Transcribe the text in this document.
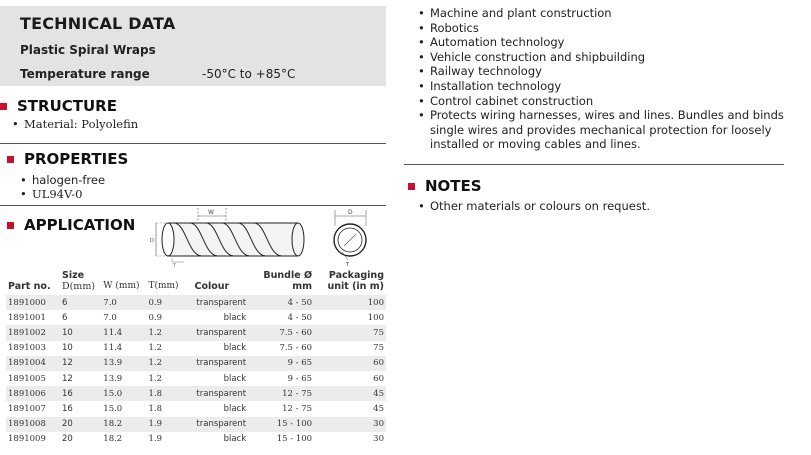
TECHNICAL DATA
Plastic Spiral Wraps
Temperature range	-50°C to +85°C
STRUCTURE
• Material: Polyolefin
PROPERTIES
• halogen-free
• UL94V-0
APPLICATION
W
D
T
D
T
Part no.	Size
D(mm)	W (mm)	T(mm)	Colour	Bundle Ø mm	Packaging unit (in m)
1891000	6	7.0	0.9	transparent	4 - 50	100
1891001	6	7.0	0.9	black	4 - 50	100
1891002	10	11.4	1.2	transparent	7.5 - 60	75
1891003	10	11.4	1.2	black	7.5 - 60	75
1891004	12	13.9	1.2	transparent	9 - 65	60
1891005	12	13.9	1.2	black	9 - 65	60
1891006	16	15.0	1.8	transparent	12 - 75	45
1891007	16	15.0	1.8	black	12 - 75	45
1891008	20	18.2	1.9	transparent	15 - 100	30
1891009	20	18.2	1.9	black	15 - 100	30
• Machine and plant construction
• Robotics
• Automation technology
• Vehicle construction and shipbuilding
• Railway technology
• Installation technology
• Control cabinet construction
• Protects wiring harnesses, wires and lines. Bundles and binds single wires and provides mechanical protection for loosely installed or moving cables and lines.
NOTES
• Other materials or colours on request.
